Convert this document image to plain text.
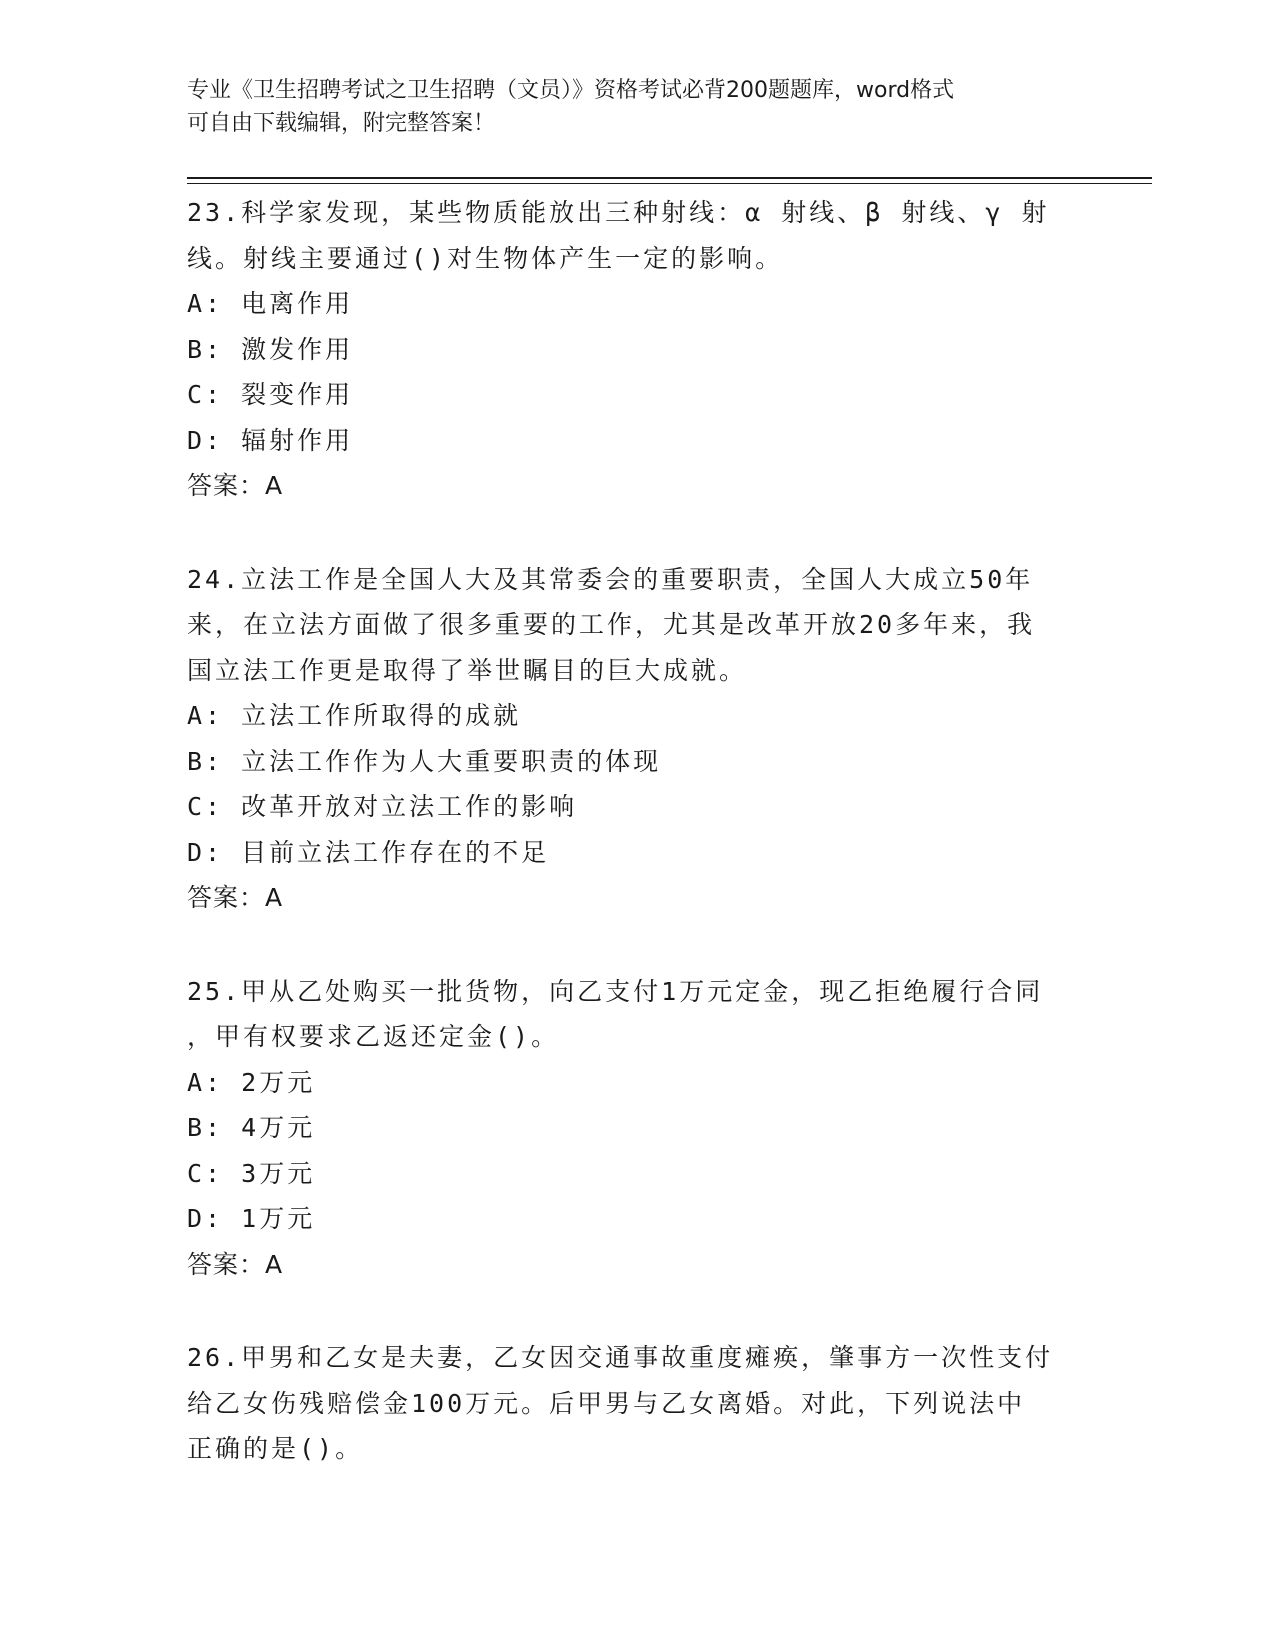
专业《卫生招聘考试之卫生招聘（文员）》资格考试必背200题题库，word格式
可自由下载编辑，附完整答案！
23.科学家发现，某些物质能放出三种射线：α 射线、β 射线、γ 射
线。射线主要通过()对生物体产生一定的影响。
A: 电离作用
B: 激发作用
C: 裂变作用
D: 辐射作用
答案：A
24.立法工作是全国人大及其常委会的重要职责，全国人大成立50年
来，在立法方面做了很多重要的工作，尤其是改革开放20多年来，我
国立法工作更是取得了举世瞩目的巨大成就。
A: 立法工作所取得的成就
B: 立法工作作为人大重要职责的体现
C: 改革开放对立法工作的影响
D: 目前立法工作存在的不足
答案：A
25.甲从乙处购买一批货物，向乙支付1万元定金，现乙拒绝履行合同
，甲有权要求乙返还定金()。
A: 2万元
B: 4万元
C: 3万元
D: 1万元
答案：A
26.甲男和乙女是夫妻，乙女因交通事故重度瘫痪，肇事方一次性支付
给乙女伤残赔偿金100万元。后甲男与乙女离婚。对此，下列说法中
正确的是()。
